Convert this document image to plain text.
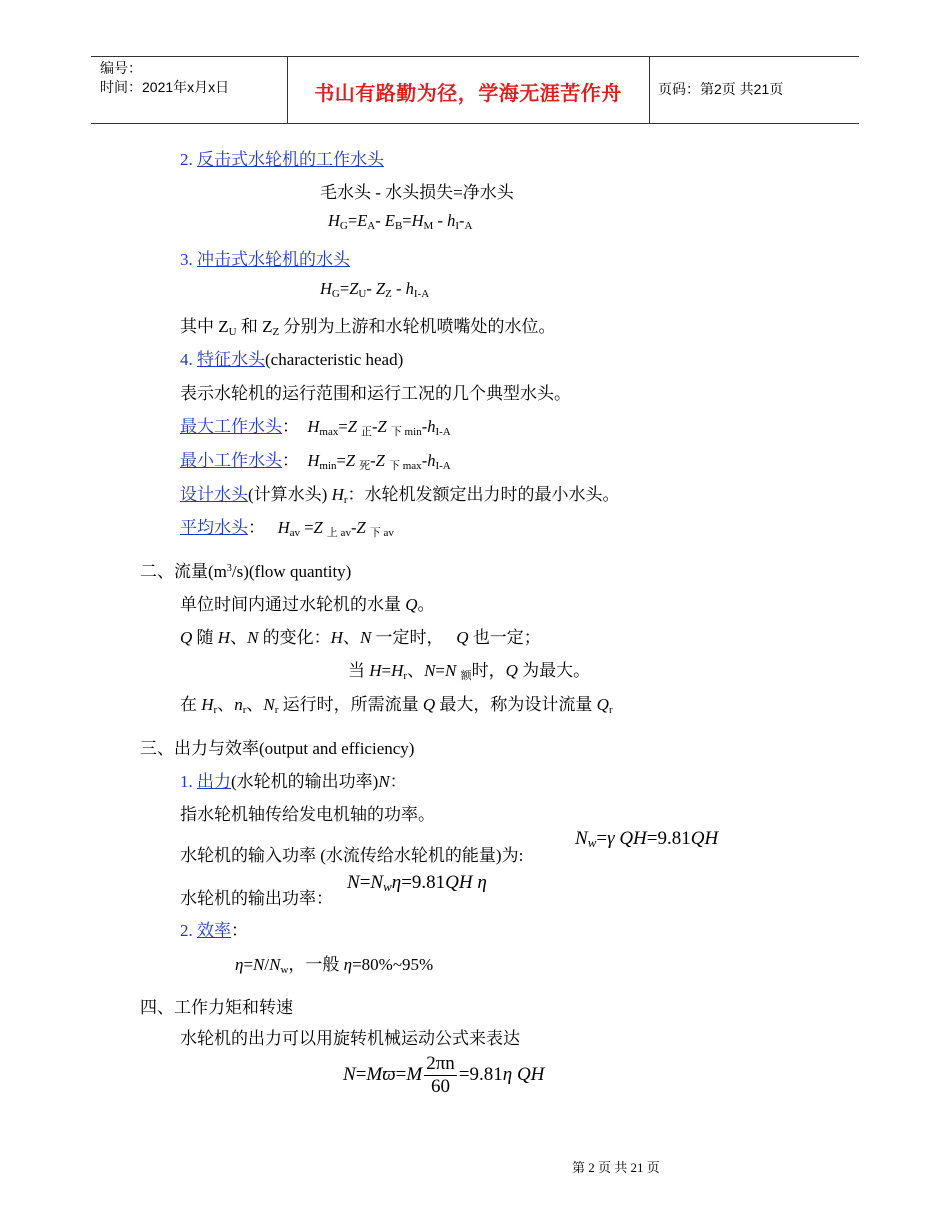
编号：
时间：2021年x月x日	书山有路勤为径，学海无涯苦作舟	页码：第2页 共21页
2. 反击式水轮机的工作水头
毛水头 - 水头损失=净水头
$H_G=E_A-$ $E_B=H_M - h_I-_A$
3. 冲击式水轮机的水头
$H_G=Z_U-$ $Z_Z - h_{I-A}$
其中 $Z_U$ 和 $Z_Z$ 分别为上游和水轮机喷嘴处的水位。
4. 特征水头(characteristic head)
表示水轮机的运行范围和运行工况的几个典型水头。
最大工作水头：  $H_{max}=Z$ $_正$-Z $_{下 min}-h_{I-A}$
最小工作水头：  $H_{min}=Z$ $_死$-Z $_{下 max}-h_{I-A}$
设计水头(计算水头) $H_r$：水轮机发额定出力时的最小水头。
平均水头：   $H_{av} =Z$ $_{上 av}$-Z $_{下 av}$
二、流量$(m^3/s)(flow$ quantity)
单位时间内通过水轮机的水量 Q。
Q 随 H、N 的变化：H、N 一定时， Q 也一定；
当 $H=H_r$、N=N $_额$时，Q 为最大。
在 $H_r$、$n_r$、$N_r$ 运行时，所需流量 Q 最大，称为设计流量 $Q_r$
三、出力与效率(output and efficiency)
1. 出力(水轮机的输出功率)N：
指水轮机轴传给发电机轴的功率。
水轮机的输入功率 (水流传给水轮机的能量)为:
$N_w=\gamma$ QH=9.81QH
水轮机的输出功率：
$N=N_w\eta=9.81QH$ η
2. 效率：
$\eta=N/N_w$，一般 η=80%~95%
四、工作力矩和转速
水轮机的出力可以用旋转机械运动公式来表达
$N=Mϖ=M \frac{2\pi n}{60} =9.81\eta$ QH
第 2 页 共 21 页
